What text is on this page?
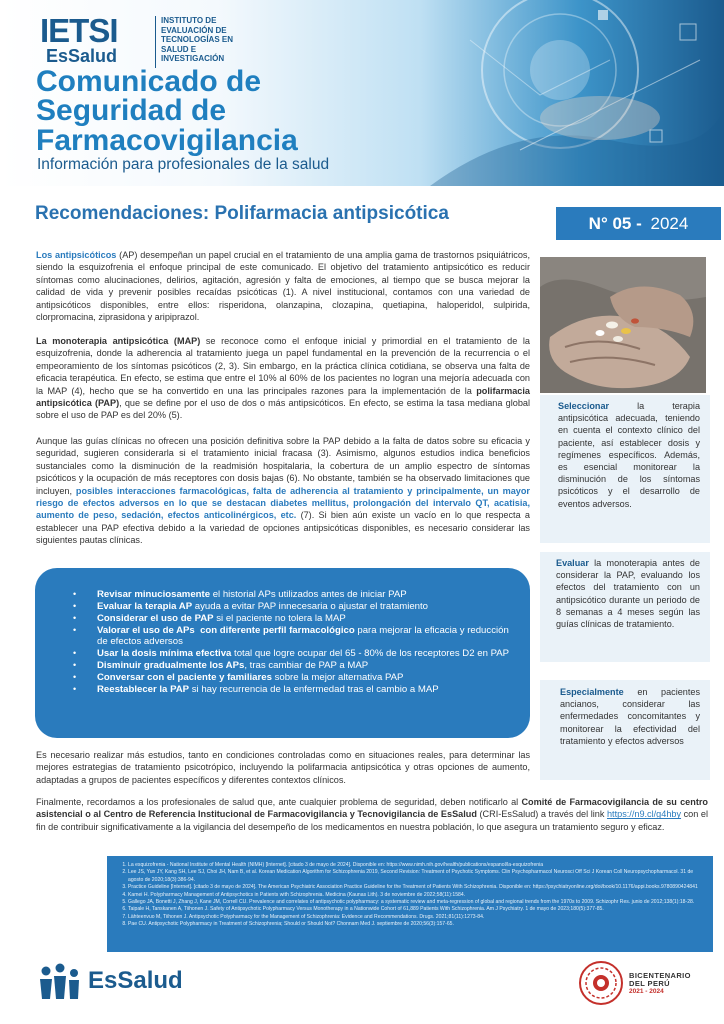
IETSI
EsSalud
INSTITUTO DE
EVALUACIÓN DE
TECNOLOGÍAS EN
SALUD E
INVESTIGACIÓN
Comunicado de
Seguridad de
Farmacovigilancia
Información para profesionales de la salud
Recomendaciones: Polifarmacia antipsicótica	N° 05 - 2024
Los antipsicóticos (AP) desempeñan un papel crucial en el tratamiento de una amplia gama de trastornos psiquiátricos, siendo la esquizofrenia el enfoque principal de este comunicado. El objetivo del tratamiento antipsicótico es reducir síntomas como alucinaciones, delirios, agitación, agresión y falta de emociones, al tiempo que se busca mejorar la calidad de vida y prevenir posibles recaídas psicóticas (1). A nivel institucional, contamos con una variedad de antipsicóticos disponibles, entre ellos: risperidona, olanzapina, clozapina, quetiapina, haloperidol, sulpirida, clorpromacina, ziprasidona y aripiprazol.
La monoterapia antipsicótica (MAP) se reconoce como el enfoque inicial y primordial en el tratamiento de la esquizofrenia, donde la adherencia al tratamiento juega un papel fundamental en la prevención de la recurrencia o el empeoramiento de los síntomas psicóticos (2, 3). Sin embargo, en la práctica clínica cotidiana, se observa una falta de eficacia terapéutica. En efecto, se estima que entre el 10% al 60% de los pacientes no logran una mejoría adecuada con la MAP (4), hecho que se ha convertido en una las principales razones para la implementación de la polifarmacia antipsicótica (PAP), que se define por el uso de dos o más antipsicóticos. En efecto, se estima la tasa mediana global sobre el uso de PAP es del 20% (5).
Aunque las guías clínicas no ofrecen una posición definitiva sobre la PAP debido a la falta de datos sobre su eficacia y seguridad, sugieren considerarla si el tratamiento inicial fracasa (3). Asimismo, algunos estudios indica beneficios sustanciales como la disminución de la readmisión hospitalaria, la cobertura de un amplio espectro de síntomas psicóticos y la ocupación de más receptores con dosis bajas (6). No obstante, también se ha observado limitaciones que incluyen, posibles interacciones farmacológicas, falta de adherencia al tratamiento y principalmente, un mayor riesgo de efectos adversos en lo que se destacan diabetes mellitus, prolongación del intervalo QT, acatisia, aumento de peso, sedación, efectos anticolinérgicos, etc. (7). Si bien aún existe un vacío en lo que respecta a establecer una PAP efectiva debido a la variedad de opciones antipsicóticas disponibles, es necesario considerar las siguientes pautas clínicas.
• Revisar minuciosamente el historial APs utilizados antes de iniciar PAP
• Evaluar la terapia AP ayuda a evitar PAP innecesaria o ajustar el tratamiento
• Considerar el uso de PAP si el paciente no tolera la MAP
• Valorar el uso de APs  con diferente perfil farmacológico para mejorar la eficacia y reducción de efectos adversos
• Usar la dosis mínima efectiva total que logre ocupar del 65 - 80% de los receptores D2 en PAP
• Disminuir gradualmente los APs, tras cambiar de PAP a MAP
• Conversar con el paciente y familiares sobre la mejor alternativa PAP
• Reestablecer la PAP si hay recurrencia de la enfermedad tras el cambio a MAP
Es necesario realizar más estudios, tanto en condiciones controladas como en situaciones reales, para determinar las mejores estrategias de tratamiento psicotrópico, incluyendo la polifarmacia antipsicótica y otras opciones de aumento, adaptadas a grupos de pacientes específicos y diferentes contextos clínicos.
Finalmente, recordamos a los profesionales de salud que, ante cualquier problema de seguridad, deben notificarlo al Comité de Farmacovigilancia de su centro asistencial o al Centro de Referencia Institucional de Farmacovigilancia y Tecnovigilancia de EsSalud (CRI-EsSalud) a través del link https://n9.cl/g4hby con el fin de contribuir significativamente a la vigilancia del desempeño de los medicamentos en nuestra población, lo que asegura un tratamiento seguro y eficaz.
Seleccionar la terapia antipsicótica adecuada, teniendo en cuenta el contexto clínico del paciente, así establecer dosis y regímenes específicos. Además, es esencial monitorear la disminución de los síntomas psicóticos y el desarrollo de eventos adversos.
Evaluar la monoterapia antes de considerar la PAP, evaluando los efectos del tratamiento con un antipsicótico durante un periodo de 8 semanas a 4 meses según las guías clínicas de tratamiento.
Especialmente en pacientes ancianos, considerar las enfermedades concomitantes y monitorear la efectividad del tratamiento y efectos adversos
1. La esquizofrenia - National Institute of Mental Health (NIMH) [Internet]. [citado 3 de mayo de 2024]. Disponible en: https://www.nimh.nih.gov/health/publications/espanol/la-esquizofrenia
2. Lee JS, Yun JY, Kang SH, Lee SJ, Choi JH, Nam B, et al. Korean Medication Algorithm for Schizophrenia 2019, Second Revision: Treatment of Psychotic Symptoms. Clin Psychopharmacol Neurosci Off Sci J Korean Coll Neuropsychopharmacol. 31 de agosto de 2020;18(3):386-94.
3. Practice Guideline [Internet]. [citado 3 de mayo de 2024]. The American Psychiatric Association Practice Guideline for the Treatment of Patients With Schizophrenia. Disponible en: https://psychiatryonline.org/doi/book/10.1176/appi.books.9780890424841
4. Kamei H. Polypharmacy Management of Antipsychotics in Patients with Schizophrenia. Medicina (Kaunas Lith). 3 de noviembre de 2022;58(11):1584.
5. Gallego JA, Bonetti J, Zhang J, Kane JM, Correll CU. Prevalence and correlates of antipsychotic polypharmacy: a systematic review and meta-regression of global and regional trends from the 1970s to 2009. Schizophr Res. junio de 2012;138(1):18-28.
6. Taipale H, Tanskanen A, Tiihonen J. Safety of Antipsychotic Polypharmacy Versus Monotherapy in a Nationwide Cohort of 61,889 Patients With Schizophrenia. Am J Psychiatry. 1 de mayo de 2023;180(5):377-85.
7. Lähteenvuo M, Tiihonen J. Antipsychotic Polypharmacy for the Management of Schizophrenia: Evidence and Recommendations. Drugs. 2021;81(11):1273-84.
8. Pae CU. Antipsychotic Polypharmacy in Treatment of Schizophrenia; Should or Should Not? Chonnam Med J. septiembre de 2020;56(3):157-65.
EsSalud	BICENTENARIO
DEL PERÚ
2021 - 2024
